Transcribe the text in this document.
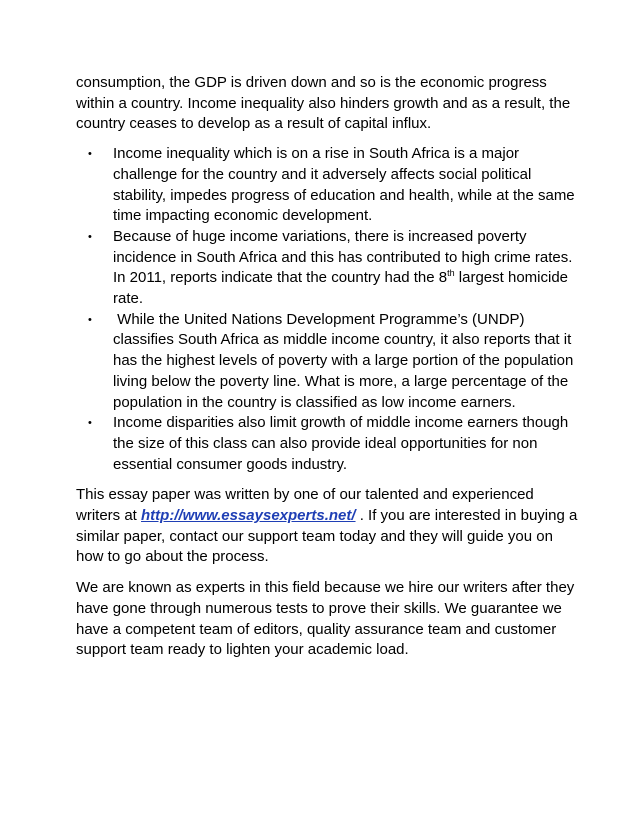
consumption, the GDP is driven down and so is the economic progress within a country. Income inequality also hinders growth and as a result, the country ceases to develop as a result of capital influx.

• Income inequality which is on a rise in South Africa is a major challenge for the country and it adversely affects social political stability, impedes progress of education and health, while at the same time impacting economic development.
• Because of huge income variations, there is increased poverty incidence in South Africa and this has contributed to high crime rates. In 2011, reports indicate that the country had the 8th largest homicide rate.
• While the United Nations Development Programme’s (UNDP) classifies South Africa as middle income country, it also reports that it has the highest levels of poverty with a large portion of the population living below the poverty line. What is more, a large percentage of the population in the country is classified as low income earners.
• Income disparities also limit growth of middle income earners though the size of this class can also provide ideal opportunities for non essential consumer goods industry.

This essay paper was written by one of our talented and experienced writers at http://www.essaysexperts.net/ . If you are interested in buying a similar paper, contact our support team today and they will guide you on how to go about the process.

We are known as experts in this field because we hire our writers after they have gone through numerous tests to prove their skills. We guarantee we have a competent team of editors, quality assurance team and customer support team ready to lighten your academic load.
